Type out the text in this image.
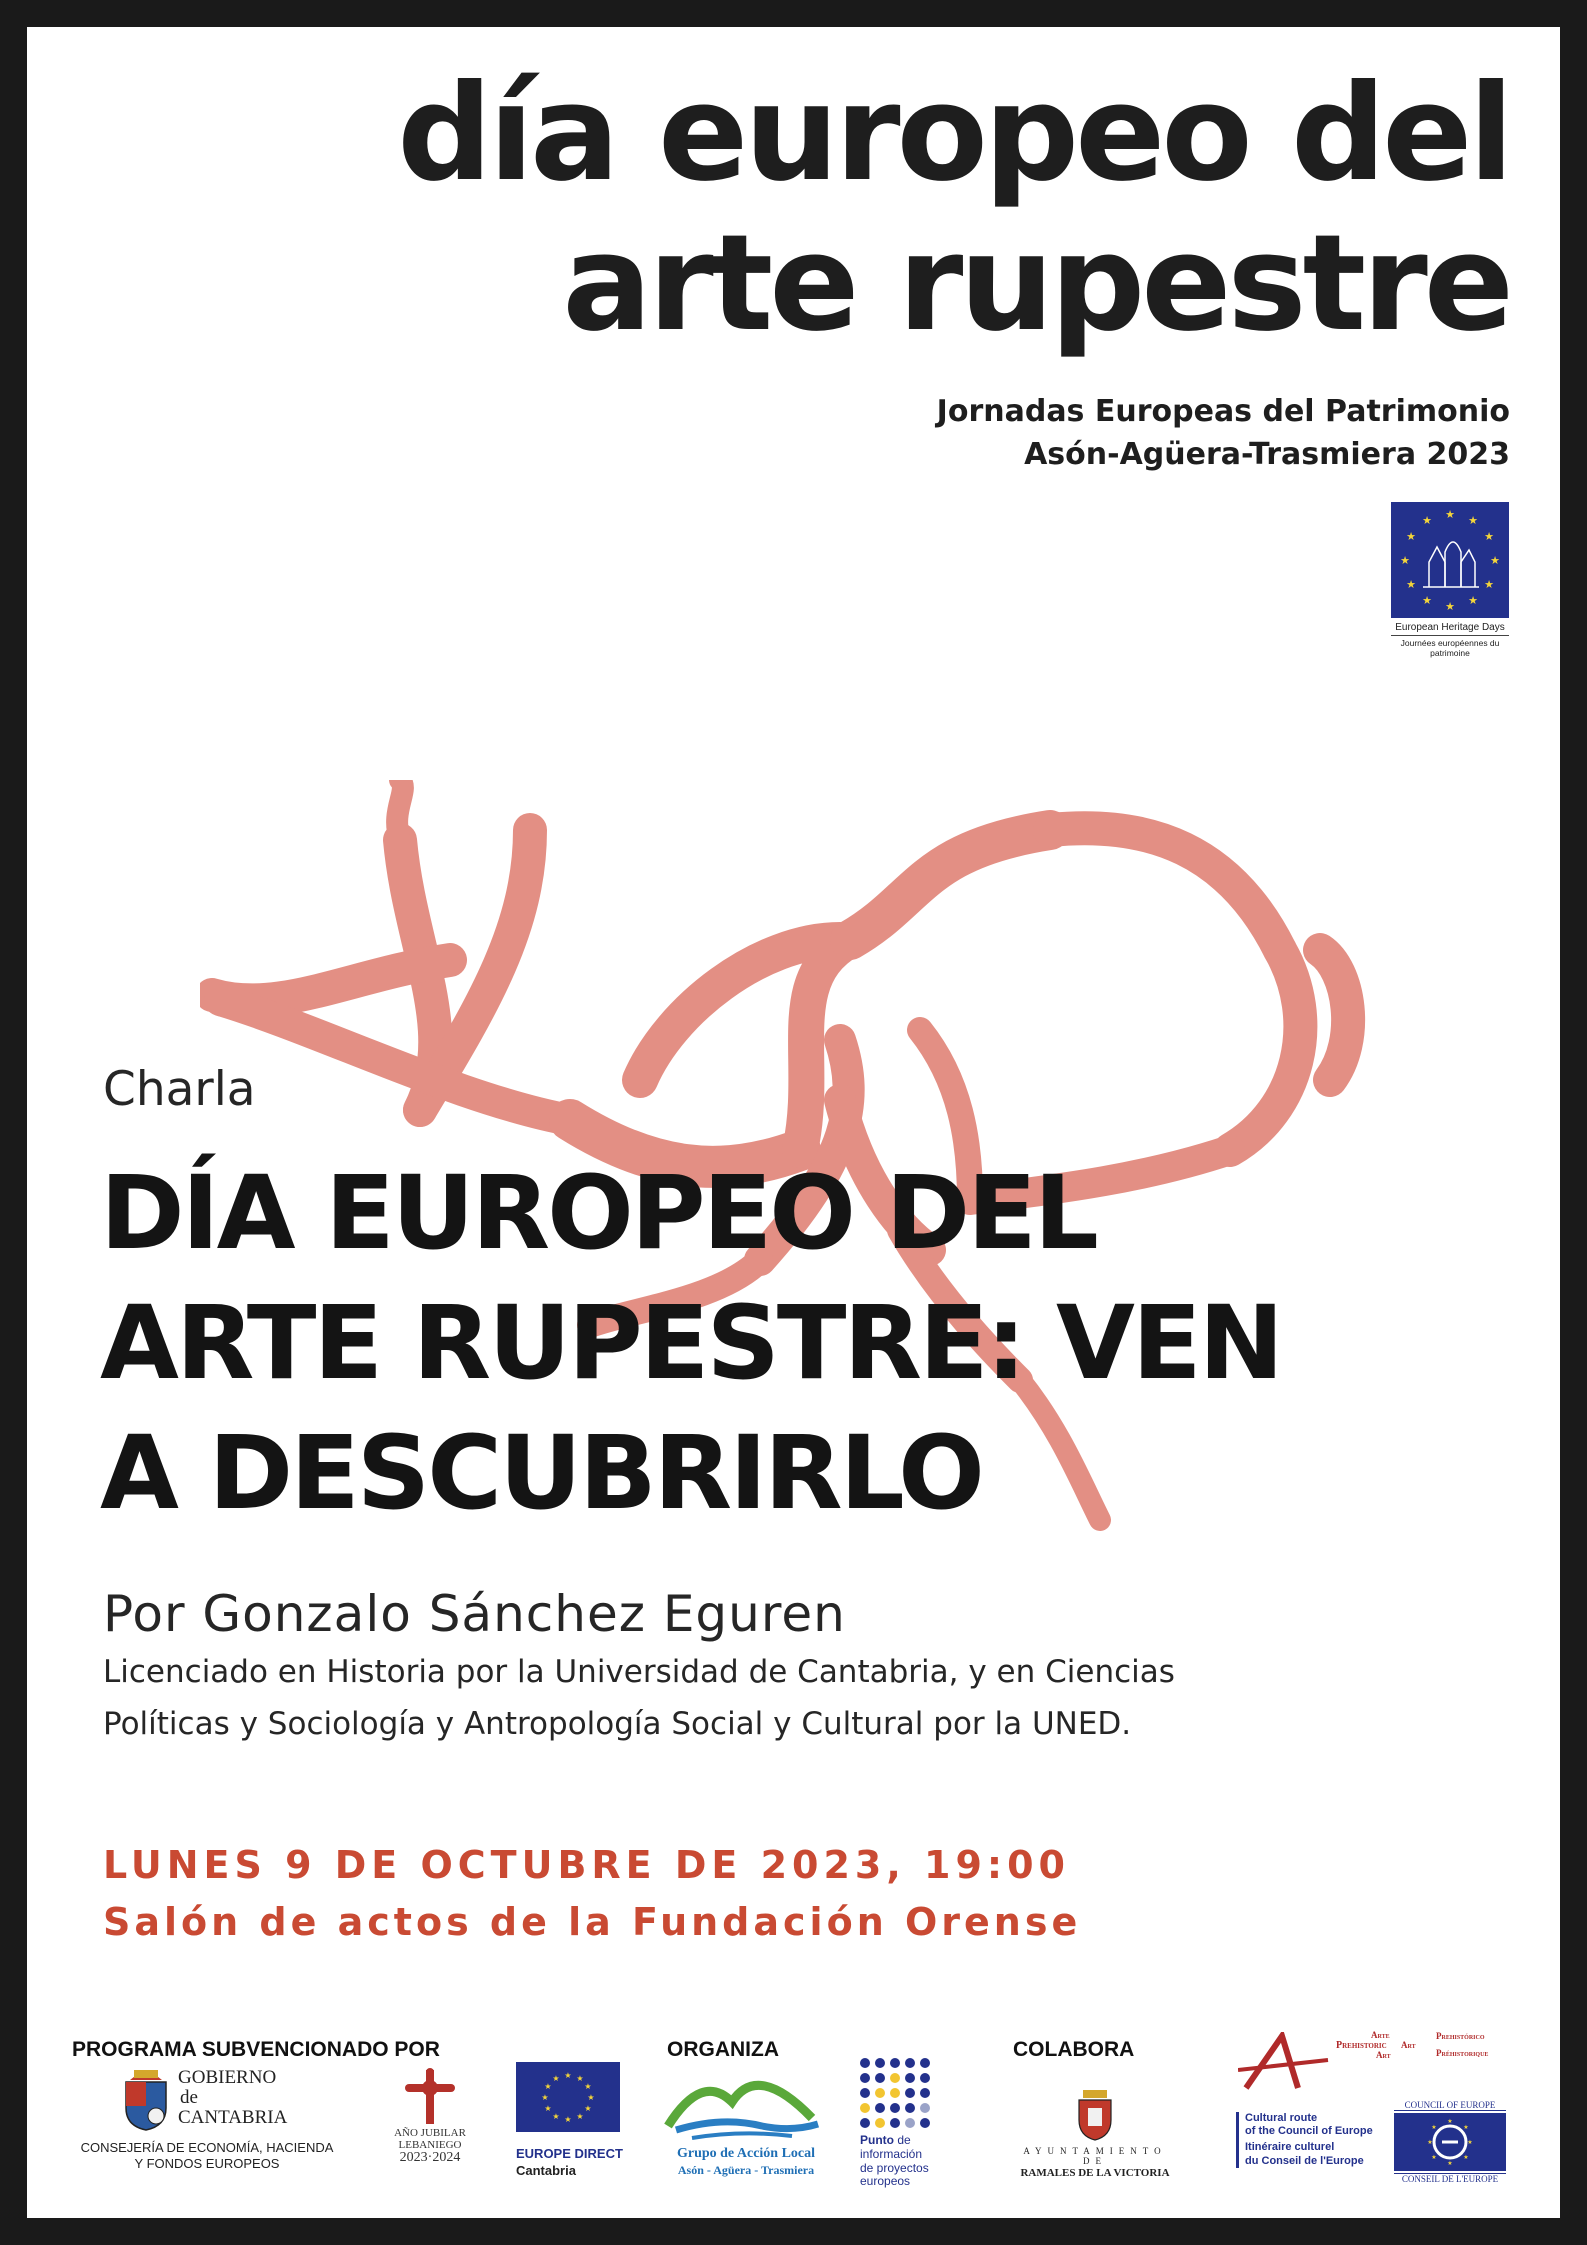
día europeo del
arte rupestre
Jornadas Europeas del Patrimonio
Asón-Agüera-Trasmiera 2023
★ ★
★
★
★
★
★
★
★
★
★
★
European Heritage Days
Journées européennes du patrimoine
Charla
DÍA EUROPEO DEL
ARTE RUPESTRE: VEN
A DESCUBRIRLO
Por Gonzalo Sánchez Eguren
Licenciado en Historia por la Universidad de Cantabria, y en Ciencias
Políticas y Sociología y Antropología Social y Cultural por la UNED.
LUNES 9 DE OCTUBRE DE 2023, 19:00
Salón de actos de la Fundación Orense
PROGRAMA SUBVENCIONADO POR	ORGANIZA	COLABORA
GOBIERNO
de
CANTABRIA
CONSEJERÍA DE ECONOMÍA, HACIENDA
Y FONDOS EUROPEOS
AÑO JUBILAR
LEBANIEGO
2023·2024
★ ★
★
★
★
★
★
★
★
★
★
★
EUROPE DIRECT
Cantabria
Grupo de Acción Local
Asón - Agüera - Trasmiera
Punto de
información
de proyectos
europeos
AYUNTAMIENTO DE
RAMALES DE LA VICTORIA
Prehistoric
Arte
Art
Art
Prehistórico
Préhistorique
Cultural route
of the Council of Europe
Itinéraire culturel
du Conseil de l'Europe
COUNCIL OF EUROPE
★
★
★
★
★
★
★
★
CONSEIL DE L'EUROPE
